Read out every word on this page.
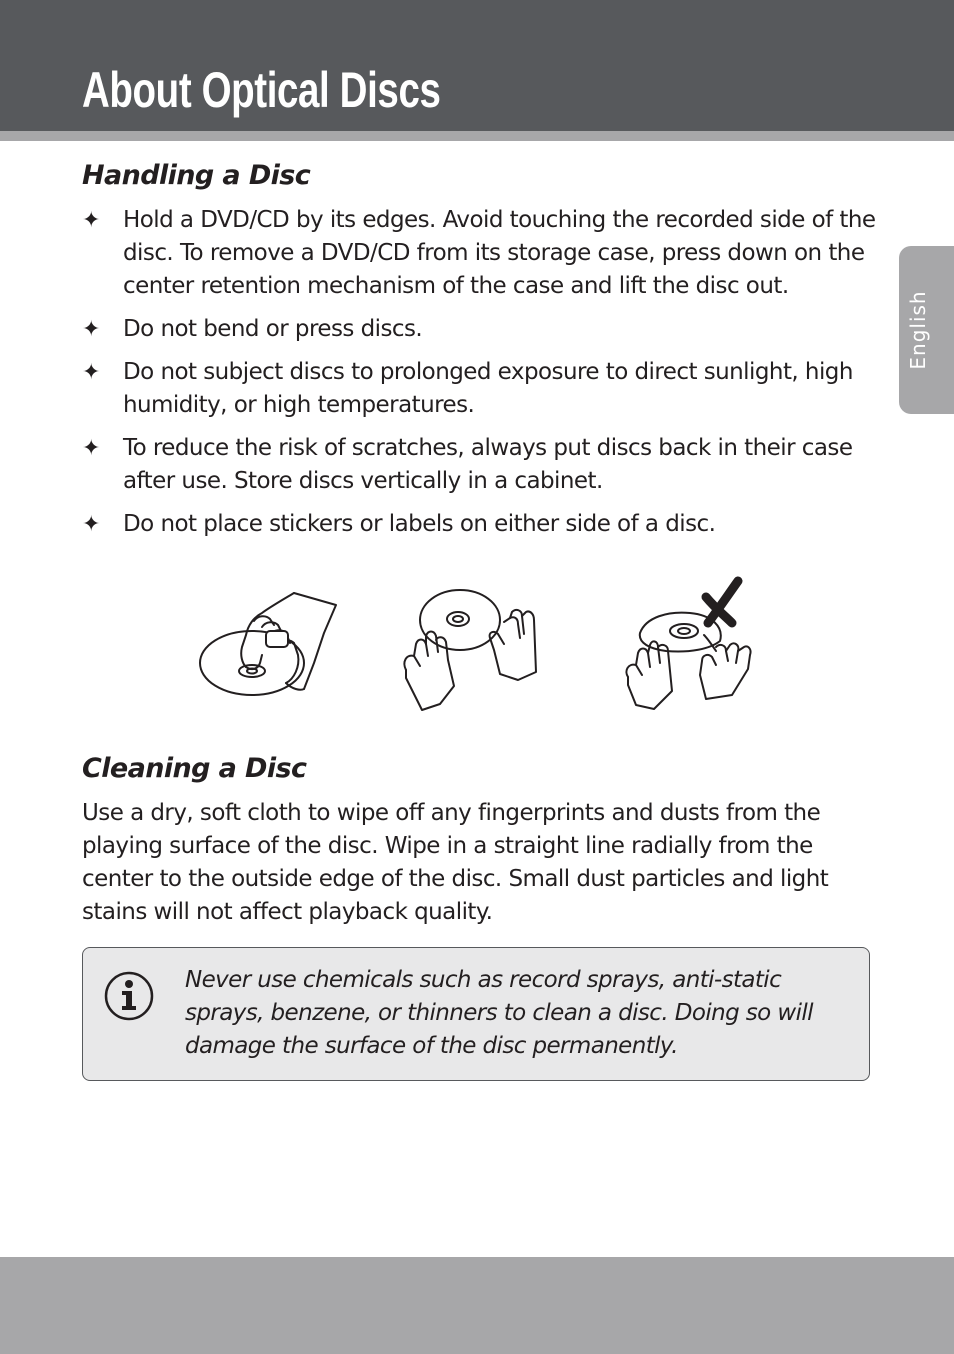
About Optical Discs
English
Handling a Disc
✦ Hold a DVD/CD by its edges. Avoid touching the recorded side of the disc. To remove a DVD/CD from its storage case, press down on the center retention mechanism of the case and lift the disc out.
✦ Do not bend or press discs.
✦ Do not subject discs to prolonged exposure to direct sunlight, high humidity, or high temperatures.
✦ To reduce the risk of scratches, always put discs back in their case after use. Store discs vertically in a cabinet.
✦ Do not place stickers or labels on either side of a disc.
Cleaning a Disc

Use a dry, soft cloth to wipe off any fingerprints and dusts from the playing surface of the disc. Wipe in a straight line radially from the center to the outside edge of the disc. Small dust particles and light stains will not affect playback quality.

Never use chemicals such as record sprays, anti-static sprays, benzene, or thinners to clean a disc. Doing so will damage the surface of the disc permanently.
